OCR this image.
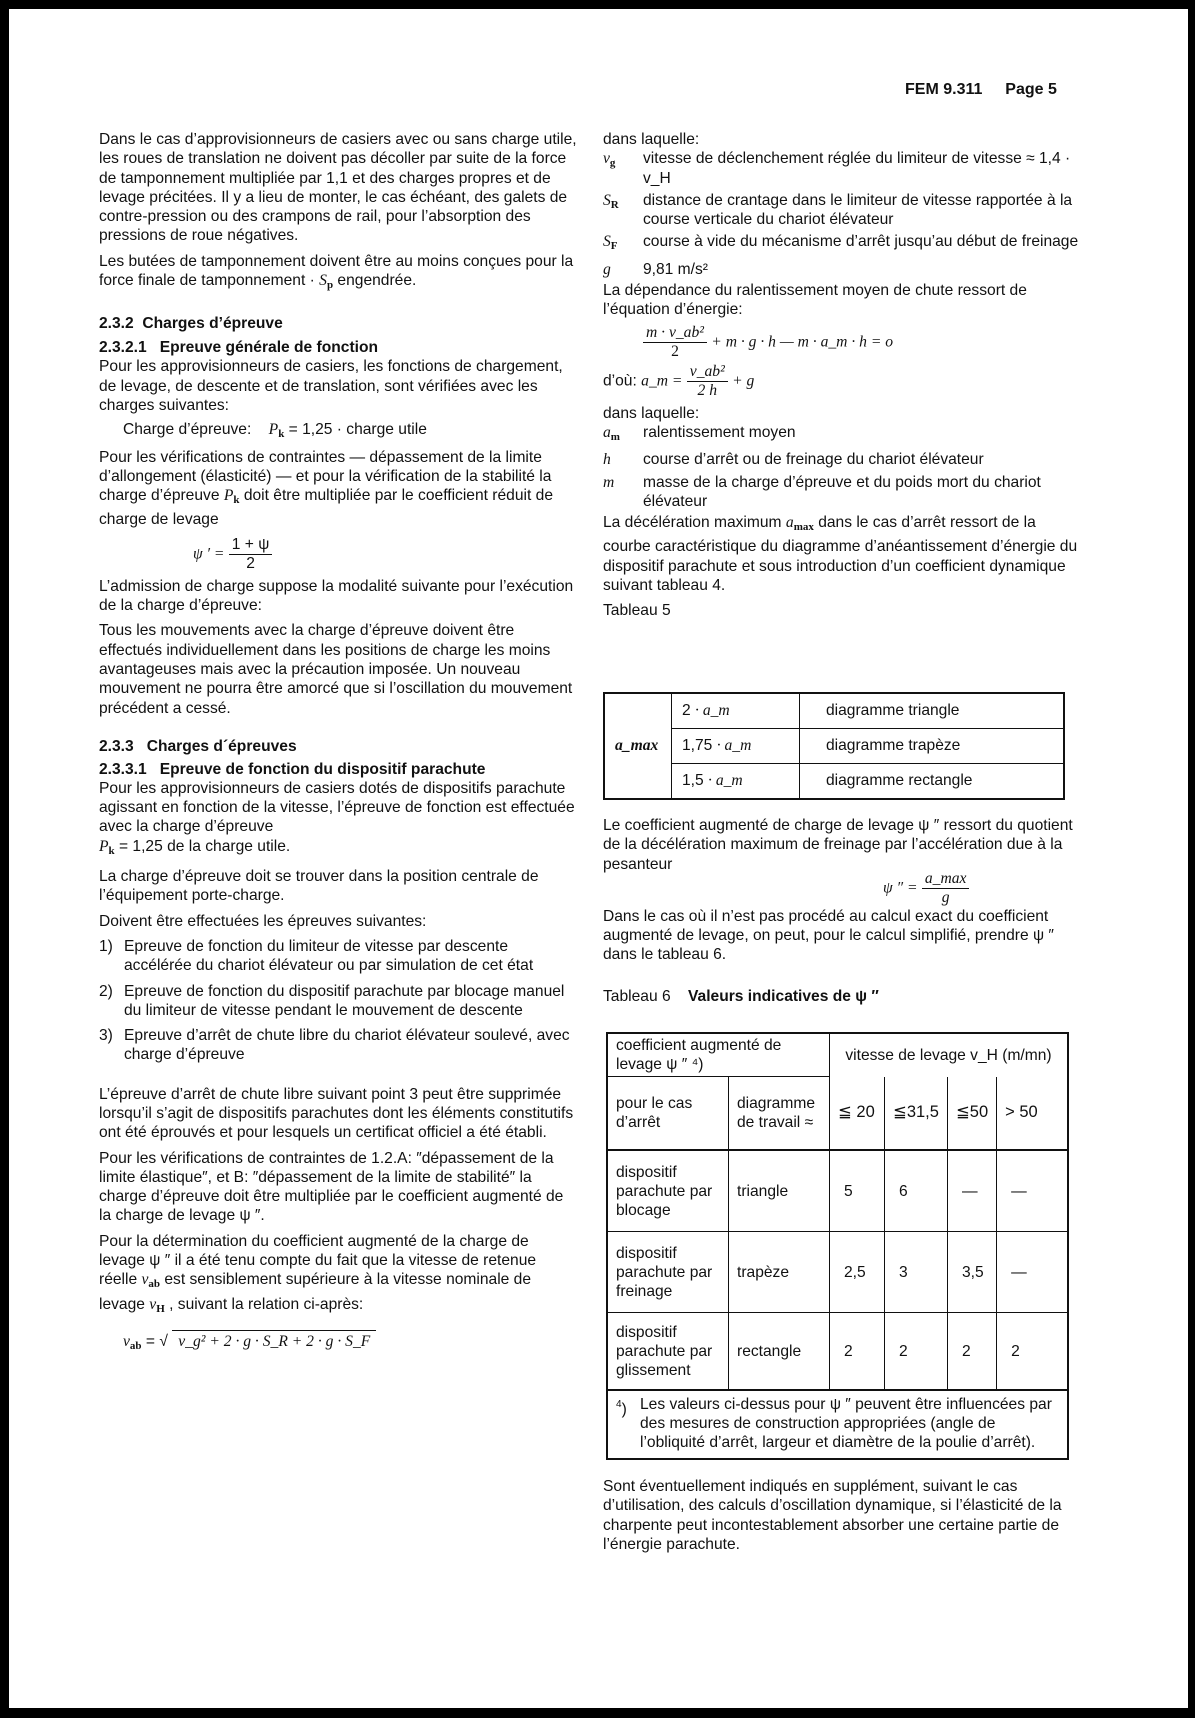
FEM 9.311 Page 5

Dans le cas d’approvisionneurs de casiers avec ou sans charge utile, les roues de translation ne doivent pas décoller par suite de la force de tamponnement multipliée par 1,1 et des charges propres et de levage précitées. Il y a lieu de monter, le cas échéant, des galets de contre-pression ou des crampons de rail, pour l’absorption des pressions de roue négatives.

Les butées de tamponnement doivent être au moins conçues pour la force finale de tamponnement · $S_p$ engendrée.

2.3.2 Charges d’épreuve
2.3.2.1 Epreuve générale de fonction

Pour les approvisionneurs de casiers, les fonctions de chargement, de levage, de descente et de translation, sont vérifiées avec les charges suivantes:

Charge d’épreuve: $P_k = 1,25$ · charge utile

Pour les vérifications de contraintes — dépassement de la limite d’allongement (élasticité) — et pour la vérification de la stabilité la charge d’épreuve $P_k$ doit être multipliée par le coefficient réduit de charge de levage

ψ ′ = $\frac{1 + \psi}{2}$

L’admission de charge suppose la modalité suivante pour l’exécution de la charge d’épreuve:

Tous les mouvements avec la charge d’épreuve doivent être effectués individuellement dans les positions de charge les moins avantageuses mais avec la précaution imposée. Un nouveau mouvement ne pourra être amorcé que si l’oscillation du mouvement précédent a cessé.

2.3.3 Charges d´épreuves
2.3.3.1 Epreuve de fonction du dispositif parachute

Pour les approvisionneurs de casiers dotés de dispositifs parachute agissant en fonction de la vitesse, l’épreuve de fonction est effectuée avec la charge d’épreuve

$P_k = 1,25$ de la charge utile.

La charge d’épreuve doit se trouver dans la position centrale de l’équipement porte-charge.

Doivent être effectuées les épreuves suivantes:

1) Epreuve de fonction du limiteur de vitesse par descente accélérée du chariot élévateur ou par simulation de cet état
2) Epreuve de fonction du dispositif parachute par blocage manuel du limiteur de vitesse pendant le mouvement de descente
3) Epreuve d’arrêt de chute libre du chariot élévateur soulevé, avec charge d’épreuve

L’épreuve d’arrêt de chute libre suivant point 3 peut être supprimée lorsqu’il s’agit de dispositifs parachutes dont les éléments constitutifs ont été éprouvés et pour lesquels un certificat officiel a été établi.

Pour les vérifications de contraintes de 1.2.A: ″dépassement de la limite élastique″, et B: ″dépassement de la limite de stabilité″ la charge d’épreuve doit être multipliée par le coefficient augmenté de la charge de levage ψ ″.

Pour la détermination du coefficient augmenté de la charge de levage ψ ″ il a été tenu compte du fait que la vitesse de retenue réelle $v_{ab}$ est sensiblement supérieure à la vitesse nominale de levage $v_H$ , suivant la relation ci-après:

$v_{ab}$ = √ v_g² + 2 · g · S_R + 2 · g · S_F

dans laquelle:

$v_g$	vitesse de déclenchement réglée du limiteur de vitesse ≈ 1,4 · v_H
$S_R$	distance de crantage dans le limiteur de vitesse rapportée à la course verticale du chariot élévateur
$S_F$	course à vide du mécanisme d’arrêt jusqu’au début de freinage
g	9,81 m/s²

La dépendance du ralentissement moyen de chute ressort de l’équation d’énergie:

$\frac{\text{m · v\_ab²}}{2} + m \cdot g \cdot h$ — m · a_m · h = o
d’où: a_m = $\frac{\text{v\_ab²}}{2 h} + g$

dans laquelle:

$a_m$	ralentissement moyen
h	course d’arrêt ou de freinage du chariot élévateur
m	masse de la charge d’épreuve et du poids mort du chariot élévateur

La décélération maximum $a_{max}$ dans le cas d’arrêt ressort de la courbe caractéristique du diagramme d’anéantissement d’énergie du dispositif parachute et sous introduction d’un coefficient dynamique suivant tableau 4.

Tableau 5

a_max	2 · a_m	diagramme triangle
	1,75 · a_m	diagramme trapèze
	1,5 · a_m	diagramme rectangle

Le coefficient augmenté de charge de levage ψ ″ ressort du quotient de la décélération maximum de freinage par l’accélération due à la pesanteur

ψ ″ = $\frac{a\_\max}{g}$

Dans le cas où il n’est pas procédé au calcul exact du coefficient augmenté de levage, on peut, pour le calcul simplifié, prendre ψ ″ dans le tableau 6.

Tableau 6 Valeurs indicatives de ψ ″

coefficient augmenté de levage ψ ″ ⁴)		vitesse de levage v_H (m/mn)			
pour le cas d’arrêt	diagramme de travail ≈	≦ 20	≦31,5	≦50	> 50
dispositif parachute par blocage	triangle	5	6	—	—
dispositif parachute par freinage	trapèze	2,5	3	3,5	—
dispositif parachute par glissement	rectangle	2	2	2	2

$^4$) Les valeurs ci-dessus pour ψ ″ peuvent être influencées par des mesures de construction appropriées (angle de l’obliquité d’arrêt, largeur et diamètre de la poulie d’arrêt).					

Sont éventuellement indiqués en supplément, suivant le cas d’utilisation, des calculs d’oscillation dynamique, si l’élasticité de la charpente peut incontestablement absorber une certaine partie de l’énergie parachute.
